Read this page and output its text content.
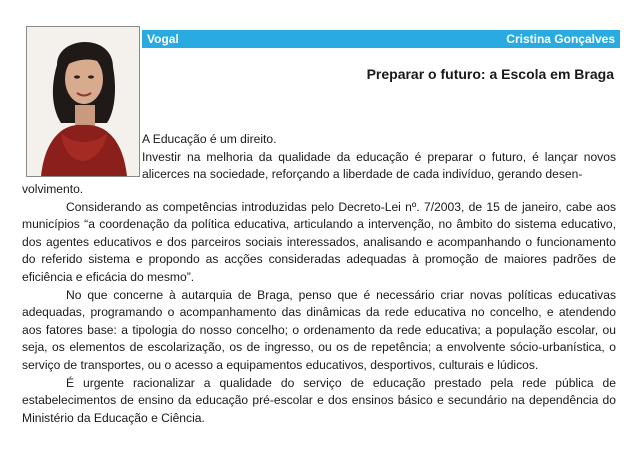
Vogal	Cristina Gonçalves
Preparar o futuro: a Escola em Braga

A Educação é um direito.

Investir na melhoria da qualidade da educação é preparar o futuro, é lançar novos alicerces na sociedade, reforçando a liberdade de cada indivíduo, gerando desen-

volvimento.

Considerando as competências introduzidas pelo Decreto-Lei nº. 7/2003, de 15 de janeiro, cabe aos municípios “a coordenação da política educativa, articulando a intervenção, no âmbito do sistema educativo, dos agentes educativos e dos parceiros sociais interessados, analisando e acompanhando o funcionamento do referido sistema e propondo as acções consideradas adequadas à promoção de maiores padrões de eficiência e eficácia do mesmo”.

No que concerne à autarquia de Braga, penso que é necessário criar novas políticas educativas adequadas, programando o acompanhamento das dinâmicas da rede educativa no concelho, e atendendo aos fatores base: a tipologia do nosso concelho; o ordenamento da rede educativa; a população escolar, ou seja, os elementos de escolarização, os de ingresso, ou os de repetência; a envolvente sócio-urbanística, o serviço de transportes, ou o acesso a equipamentos educativos, desportivos, culturais e lúdicos.

É urgente racionalizar a qualidade do serviço de educação prestado pela rede pública de estabelecimentos de ensino da educação pré-escolar e dos ensinos básico e secundário na dependência do Ministério da Educação e Ciência.
